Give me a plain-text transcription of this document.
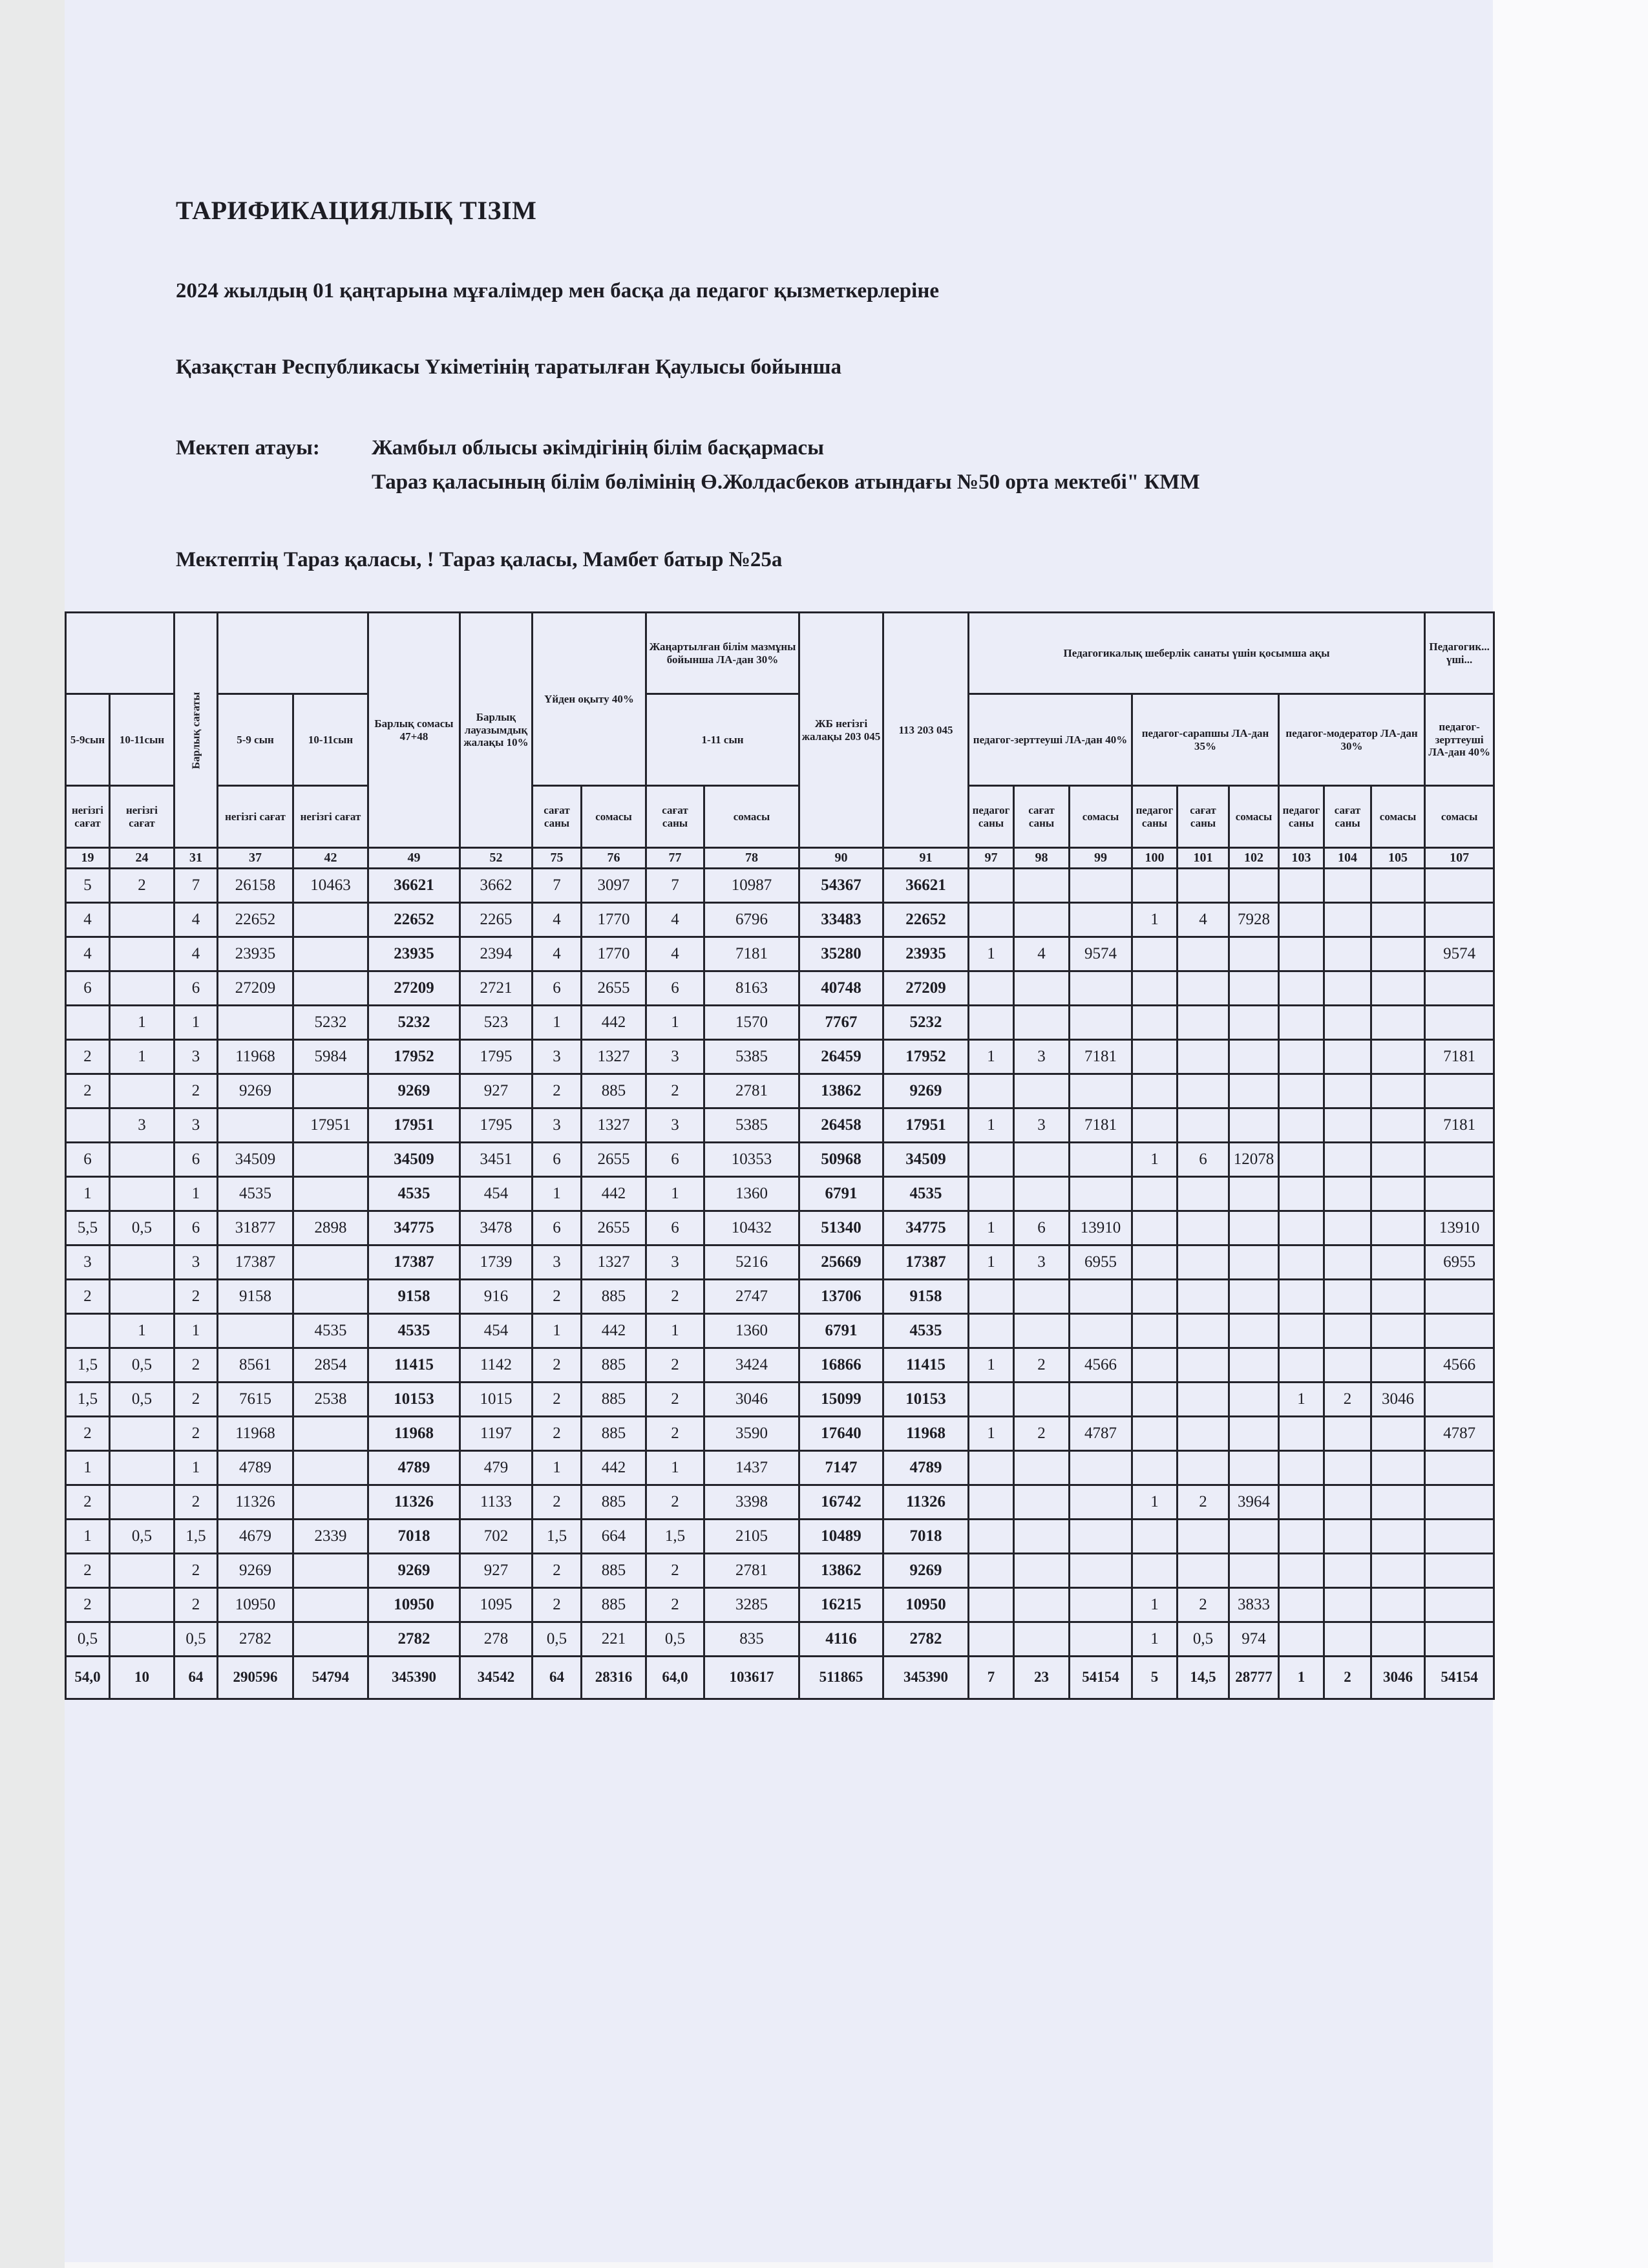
ТАРИФИКАЦИЯЛЫҚ ТІЗІМ
2024 жылдың 01 қаңтарына мұғалімдер мен басқа да педагог қызметкерлеріне
Қазақстан Республикасы Үкіметінің таратылған Қаулысы бойынша
Мектеп атауы: Жамбыл облысы әкімдігінің білім басқармасы
Тараз қаласының білім бөлімінің Ө.Жолдасбеков атындағы №50 орта мектебі" КММ
Мектептің Тараз қаласы, ! Тараз қаласы, Мамбет батыр №25а
		Барлық сағаты			Барлық сомасы 47+48	Барлық лауазымдық жалақы 10%	Үйден оқыту 40%		Жаңартылған білім мазмұны бойынша ЛА-дан 30%		ЖБ негізгі жалақы 203 045	113 203 045	Педагогикалық шеберлік санаты үшін қосымша ақы									Педагогик... үші...
5-9сын	10-11сын		5-9 сын	10-11сын					1-11 сын				педагог-зерттеуші ЛА-дан 40%			педагог-сарапшы ЛА-дан 35%			педагог-модератор ЛА-дан 30%			педагог-зерттеуші ЛА-дан 40%
негізгі сағат	негізгі сағат		негізгі сағат	негізгі сағат			сағат саны	сомасы	сағат саны	сомасы			педагог саны	сағат саны	сомасы	педагог саны	сағат саны	сомасы	педагог саны	сағат саны	сомасы	сомасы
19	24	31	37	42	49	52	75	76	77	78	90	91	97	98	99	100	101	102	103	104	105	107
5	2	7	26158	10463	36621	3662	7	3097	7	10987	54367	36621										
4		4	22652		22652	2265	4	1770	4	6796	33483	22652				1	4	7928				
4		4	23935		23935	2394	4	1770	4	7181	35280	23935	1	4	9574							9574
6		6	27209		27209	2721	6	2655	6	8163	40748	27209										
	1	1		5232	5232	523	1	442	1	1570	7767	5232										
2	1	3	11968	5984	17952	1795	3	1327	3	5385	26459	17952	1	3	7181							7181
2		2	9269		9269	927	2	885	2	2781	13862	9269										
	3	3		17951	17951	1795	3	1327	3	5385	26458	17951	1	3	7181							7181
6		6	34509		34509	3451	6	2655	6	10353	50968	34509				1	6	12078				
1		1	4535		4535	454	1	442	1	1360	6791	4535										
5,5	0,5	6	31877	2898	34775	3478	6	2655	6	10432	51340	34775	1	6	13910							13910
3		3	17387		17387	1739	3	1327	3	5216	25669	17387	1	3	6955							6955
2		2	9158		9158	916	2	885	2	2747	13706	9158										
	1	1		4535	4535	454	1	442	1	1360	6791	4535										
1,5	0,5	2	8561	2854	11415	1142	2	885	2	3424	16866	11415	1	2	4566							4566
1,5	0,5	2	7615	2538	10153	1015	2	885	2	3046	15099	10153							1	2	3046	
2		2	11968		11968	1197	2	885	2	3590	17640	11968	1	2	4787							4787
1		1	4789		4789	479	1	442	1	1437	7147	4789										
2		2	11326		11326	1133	2	885	2	3398	16742	11326				1	2	3964				
1	0,5	1,5	4679	2339	7018	702	1,5	664	1,5	2105	10489	7018										
2		2	9269		9269	927	2	885	2	2781	13862	9269										
2		2	10950		10950	1095	2	885	2	3285	16215	10950				1	2	3833				
0,5		0,5	2782		2782	278	0,5	221	0,5	835	4116	2782				1	0,5	974				
54,0	10	64	290596	54794	345390	34542	64	28316	64,0	103617	511865	345390	7	23	54154	5	14,5	28777	1	2	3046	54154
